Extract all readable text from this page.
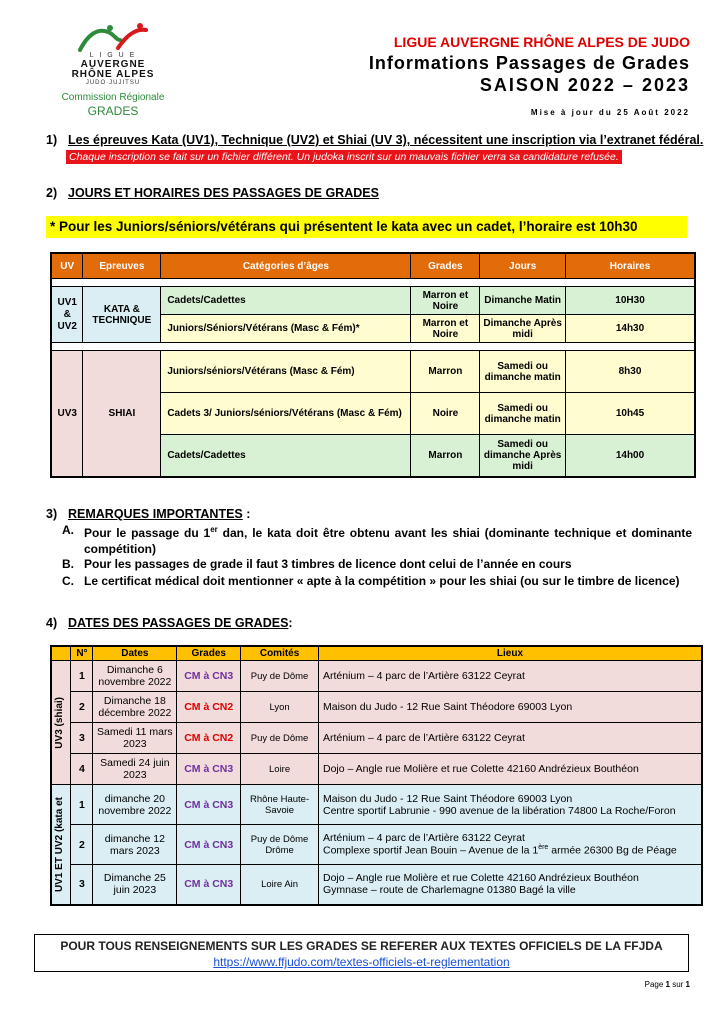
L I G U E
AUVERGNE
RHÔNE ALPES
JUDO·JUJITSU
Commission Régionale
GRADES
LIGUE AUVERGNE RHÔNE ALPES DE JUDO
Informations Passages de Grades
SAISON 2022 – 2023
Mise à jour du 25 Août 2022
1) Les épreuves Kata (UV1), Technique (UV2) et Shiai (UV 3), nécessitent une inscription via l’extranet fédéral.
Chaque inscription se fait sur un fichier différent. Un judoka inscrit sur un mauvais fichier verra sa candidature refusée.
2) JOURS ET HORAIRES DES PASSAGES DE GRADES
* Pour les Juniors/séniors/vétérans qui présentent le kata avec un cadet, l’horaire est 10h30
UV	Epreuves	Catégories d’âges	Grades	Jours	Horaires

UV1 & UV2	KATA & TECHNIQUE	Cadets/Cadettes	Marron et Noire	Dimanche Matin	10H30
		Juniors/Séniors/Vétérans (Masc & Fém)*	Marron et Noire	Dimanche Après midi	14h30

UV3	SHIAI	Juniors/séniors/Vétérans (Masc & Fém)	Marron	Samedi ou dimanche matin	8h30
		Cadets 3/ Juniors/séniors/Vétérans (Masc & Fém)	Noire	Samedi ou dimanche matin	10h45
		Cadets/Cadettes	Marron	Samedi ou dimanche Après midi	14h00
3) REMARQUES IMPORTANTES :
A. Pour le passage du 1er dan, le kata doit être obtenu avant les shiai (dominante technique et dominante compétition)
B. Pour les passages de grade il faut 3 timbres de licence dont celui de l’année en cours
C. Le certificat médical doit mentionner « apte à la compétition » pour les shiai (ou sur le timbre de licence)
4) DATES DES PASSAGES DE GRADES:
	N°	Dates	Grades	Comités	Lieux

UV3 (shiai)	1	Dimanche 6 novembre 2022	CM à CN3	Puy de Dôme	Arténium – 4 parc de l’Artière 63122 Ceyrat
	2	Dimanche 18 décembre 2022	CM à CN2	Lyon	Maison du Judo - 12 Rue Saint Théodore 69003 Lyon
	3	Samedi 11 mars 2023	CM à CN2	Puy de Dôme	Arténium – 4 parc de l’Artière 63122 Ceyrat
	4	Samedi 24 juin 2023	CM à CN3	Loire	Dojo – Angle rue Molière et rue Colette 42160 Andrézieux Bouthéon

UV1 ET UV2 (kata et	1	dimanche 20 novembre 2022	CM à CN3	Rhône Haute-Savoie	Maison du Judo - 12 Rue Saint Théodore 69003 Lyon
Centre sportif Labrunie - 990 avenue de la libération 74800 La Roche/Foron

	2	dimanche 12 mars 2023	CM à CN3	Puy de Dôme Drôme	Arténium – 4 parc de l’Artière 63122 Ceyrat
Complexe sportif Jean Bouin – Avenue de la 1ère armée 26300 Bg de Péage

	3	Dimanche 25 juin 2023	CM à CN3	Loire Ain	Dojo – Angle rue Molière et rue Colette 42160 Andrézieux Bouthéon
Gymnase – route de Charlemagne 01380 Bagé la ville
POUR TOUS RENSEIGNEMENTS SUR LES GRADES SE REFERER AUX TEXTES OFFICIELS DE LA FFJDA
https://www.ffjudo.com/textes-officiels-et-reglementation
Page 1 sur 1
